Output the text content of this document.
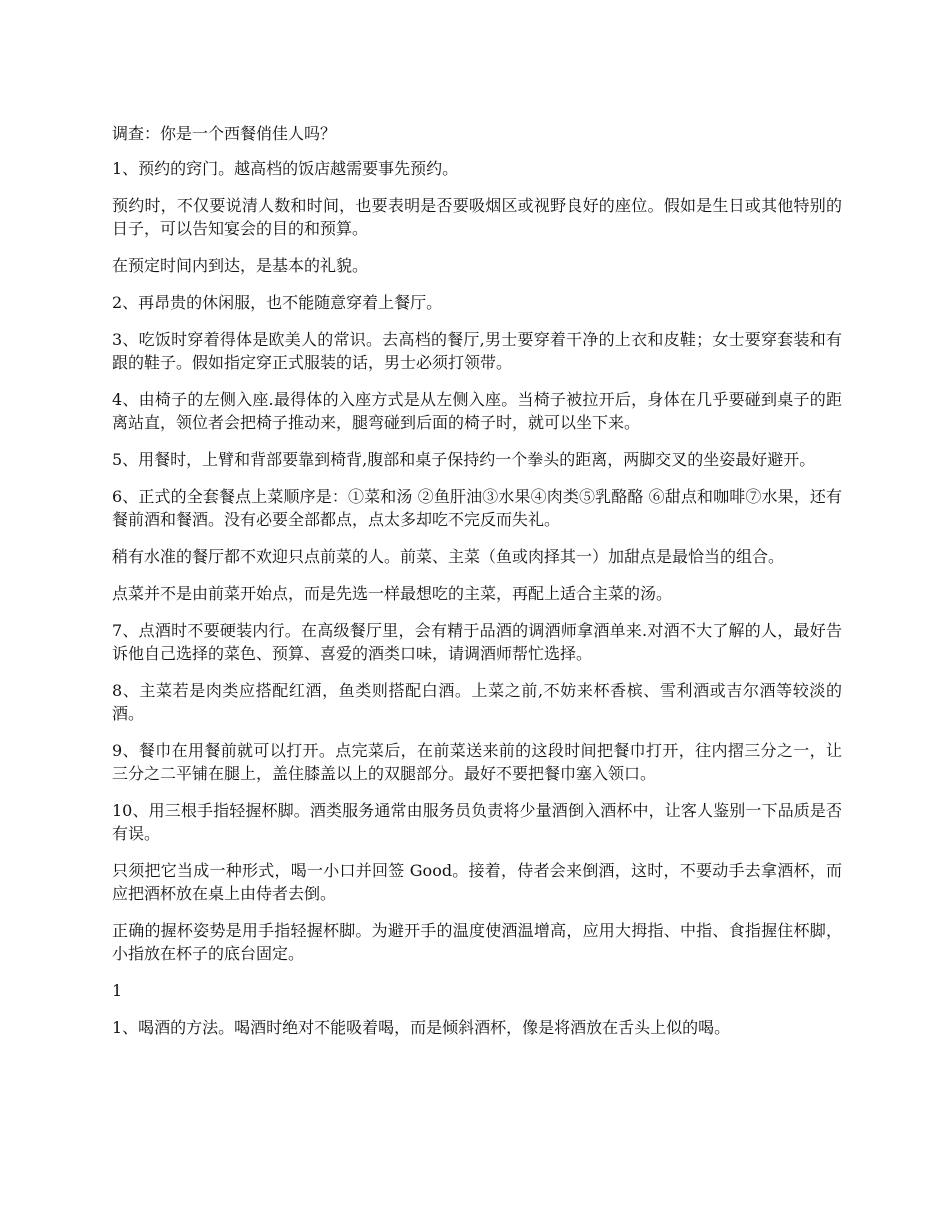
调查：你是一个西餐俏佳人吗？

1、预约的窍门。越高档的饭店越需要事先预约。

预约时，不仅要说清人数和时间，也要表明是否要吸烟区或视野良好的座位。假如是生日或其他特别的日子，可以告知宴会的目的和预算。

在预定时间内到达，是基本的礼貌。

2、再昂贵的休闲服，也不能随意穿着上餐厅。

3、吃饭时穿着得体是欧美人的常识。去高档的餐厅,男士要穿着干净的上衣和皮鞋；女士要穿套装和有跟的鞋子。假如指定穿正式服装的话，男士必须打领带。

4、由椅子的左侧入座.最得体的入座方式是从左侧入座。当椅子被拉开后，身体在几乎要碰到桌子的距离站直，领位者会把椅子推动来，腿弯碰到后面的椅子时，就可以坐下来。

5、用餐时，上臂和背部要靠到椅背,腹部和桌子保持约一个拳头的距离，两脚交叉的坐姿最好避开。

6、正式的全套餐点上菜顺序是：①菜和汤 ②鱼肝油③水果④肉类⑤乳酪酪 ⑥甜点和咖啡⑦水果，还有餐前酒和餐酒。没有必要全部都点，点太多却吃不完反而失礼。

稍有水准的餐厅都不欢迎只点前菜的人。前菜、主菜（鱼或肉择其一）加甜点是最恰当的组合。

点菜并不是由前菜开始点，而是先选一样最想吃的主菜，再配上适合主菜的汤。

7、点酒时不要硬装内行。在高级餐厅里，会有精于品酒的调酒师拿酒单来.对酒不大了解的人，最好告诉他自己选择的菜色、预算、喜爱的酒类口味，请调酒师帮忙选择。

8、主菜若是肉类应搭配红酒，鱼类则搭配白酒。上菜之前,不妨来杯香槟、雪利酒或吉尔酒等较淡的酒。

9、餐巾在用餐前就可以打开。点完菜后，在前菜送来前的这段时间把餐巾打开，往内摺三分之一，让三分之二平铺在腿上，盖住膝盖以上的双腿部分。最好不要把餐巾塞入领口。

10、用三根手指轻握杯脚。酒类服务通常由服务员负责将少量酒倒入酒杯中，让客人鉴别一下品质是否有误。

只须把它当成一种形式，喝一小口并回签 Good。接着，侍者会来倒酒，这时，不要动手去拿酒杯，而应把酒杯放在桌上由侍者去倒。

正确的握杯姿势是用手指轻握杯脚。为避开手的温度使酒温增高，应用大拇指、中指、食指握住杯脚，小指放在杯子的底台固定。

1

1、喝酒的方法。喝酒时绝对不能吸着喝，而是倾斜酒杯，像是将酒放在舌头上似的喝。
